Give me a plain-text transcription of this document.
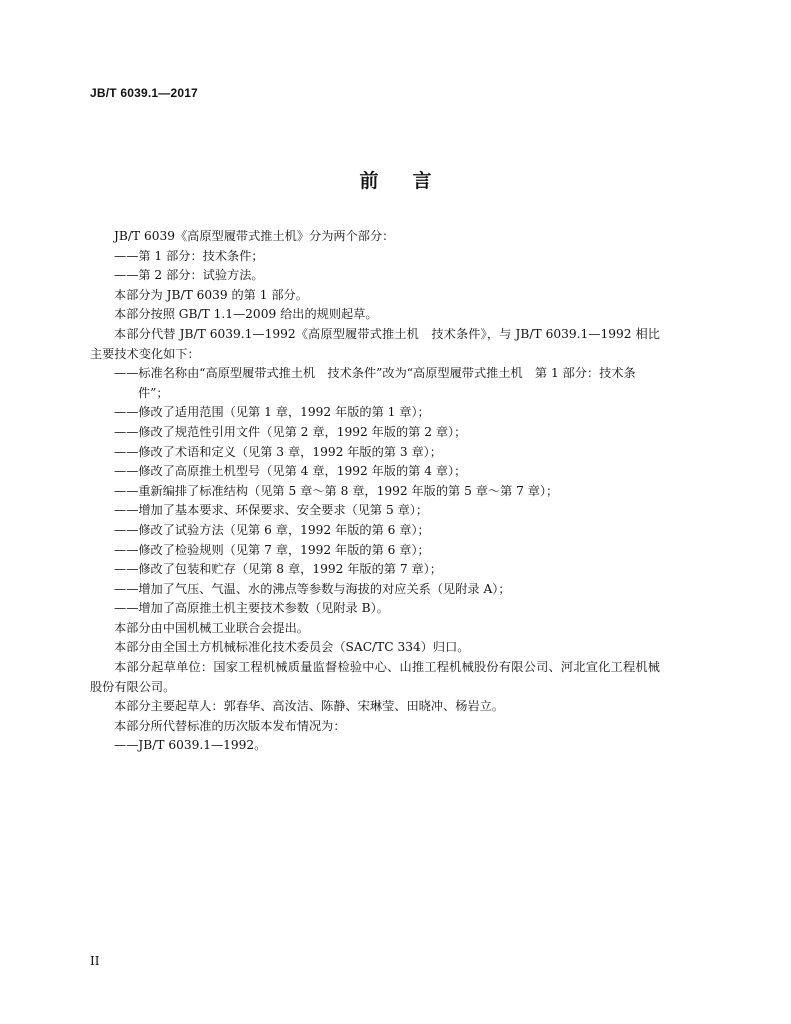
JB/T 6039.1—2017
前言
JB/T 6039《高原型履带式推土机》分为两个部分：
——第 1 部分：技术条件；
——第 2 部分：试验方法。
本部分为 JB/T 6039 的第 1 部分。
本部分按照 GB/T 1.1—2009 给出的规则起草。
本部分代替 JB/T 6039.1—1992《高原型履带式推土机　技术条件》，与 JB/T 6039.1—1992 相比主要技术变化如下：
——标准名称由“高原型履带式推土机　技术条件”改为“高原型履带式推土机　第 1 部分：技术条件”；
——修改了适用范围（见第 1 章，1992 年版的第 1 章）；
——修改了规范性引用文件（见第 2 章，1992 年版的第 2 章）；
——修改了术语和定义（见第 3 章，1992 年版的第 3 章）；
——修改了高原推土机型号（见第 4 章，1992 年版的第 4 章）；
——重新编排了标准结构（见第 5 章～第 8 章，1992 年版的第 5 章～第 7 章）；
——增加了基本要求、环保要求、安全要求（见第 5 章）；
——修改了试验方法（见第 6 章，1992 年版的第 6 章）；
——修改了检验规则（见第 7 章，1992 年版的第 6 章）；
——修改了包装和贮存（见第 8 章，1992 年版的第 7 章）；
——增加了气压、气温、水的沸点等参数与海拔的对应关系（见附录 A）；
——增加了高原推土机主要技术参数（见附录 B）。
本部分由中国机械工业联合会提出。
本部分由全国土方机械标准化技术委员会（SAC/TC 334）归口。
本部分起草单位：国家工程机械质量监督检验中心、山推工程机械股份有限公司、河北宣化工程机械股份有限公司。
本部分主要起草人：郭春华、高汝洁、陈静、宋琳莹、田晓冲、杨岩立。
本部分所代替标准的历次版本发布情况为：
——JB/T 6039.1—1992。
II
